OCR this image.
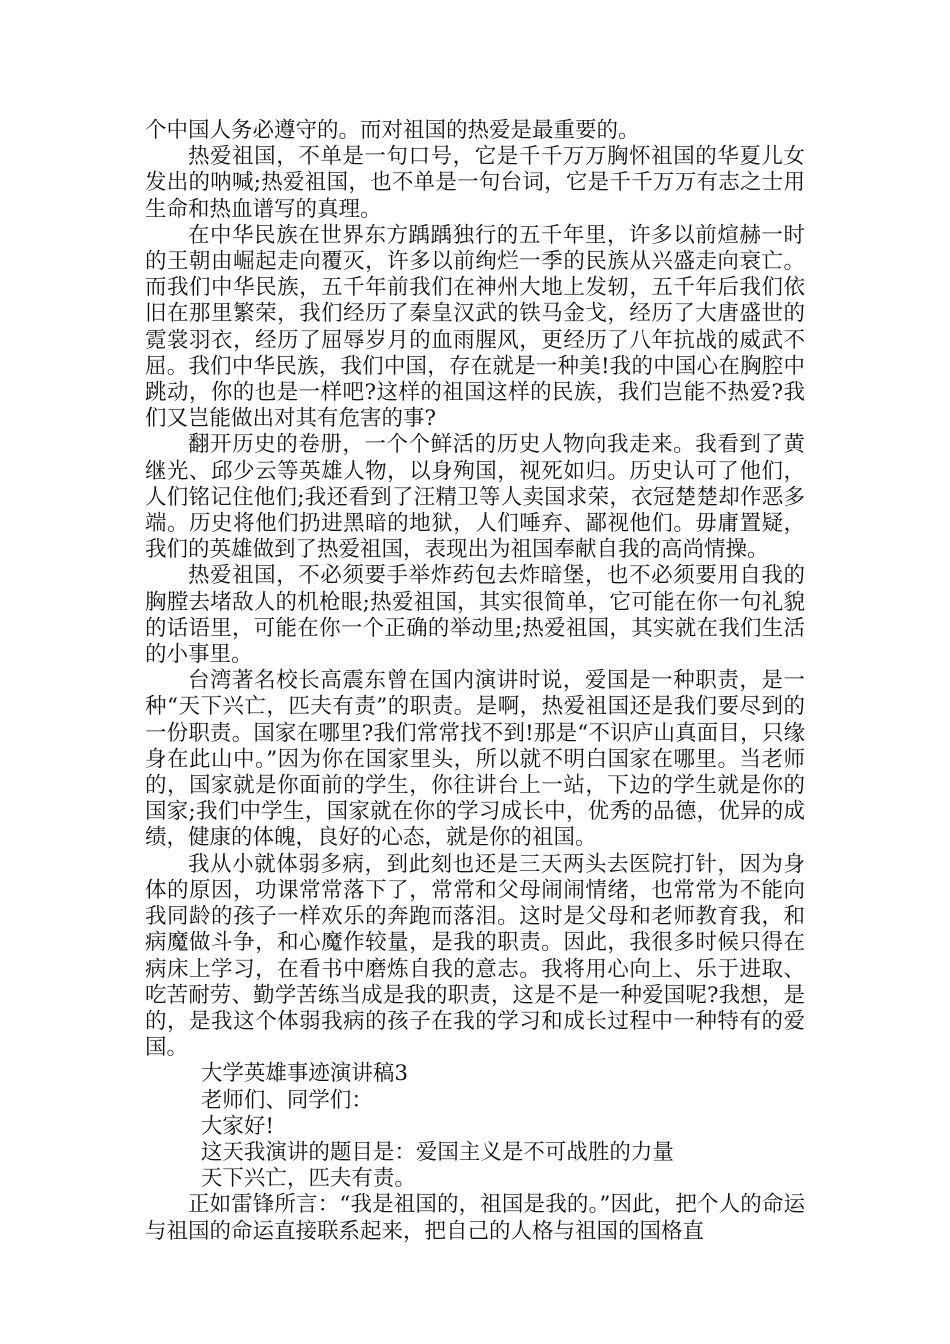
个中国人务必遵守的。而对祖国的热爱是最重要的。

热爱祖国，不单是一句口号，它是千千万万胸怀祖国的华夏儿女发出的呐喊;热爱祖国，也不单是一句台词，它是千千万万有志之士用生命和热血谱写的真理。

在中华民族在世界东方踽踽独行的五千年里，许多以前煊赫一时的王朝由崛起走向覆灭，许多以前绚烂一季的民族从兴盛走向衰亡。而我们中华民族，五千年前我们在神州大地上发轫，五千年后我们依旧在那里繁荣，我们经历了秦皇汉武的铁马金戈，经历了大唐盛世的霓裳羽衣，经历了屈辱岁月的血雨腥风，更经历了八年抗战的威武不屈。我们中华民族，我们中国，存在就是一种美!我的中国心在胸腔中跳动，你的也是一样吧?这样的祖国这样的民族，我们岂能不热爱?我们又岂能做出对其有危害的事?

翻开历史的卷册，一个个鲜活的历史人物向我走来。我看到了黄继光、邱少云等英雄人物，以身殉国，视死如归。历史认可了他们，人们铭记住他们;我还看到了汪精卫等人卖国求荣，衣冠楚楚却作恶多端。历史将他们扔进黑暗的地狱，人们唾弃、鄙视他们。毋庸置疑，我们的英雄做到了热爱祖国，表现出为祖国奉献自我的高尚情操。

热爱祖国，不必须要手举炸药包去炸暗堡，也不必须要用自我的胸膛去堵敌人的机枪眼;热爱祖国，其实很简单，它可能在你一句礼貌的话语里，可能在你一个正确的举动里;热爱祖国，其实就在我们生活的小事里。

台湾著名校长高震东曾在国内演讲时说，爱国是一种职责，是一种“天下兴亡，匹夫有责”的职责。是啊，热爱祖国还是我们要尽到的一份职责。国家在哪里?我们常常找不到!那是“不识庐山真面目，只缘身在此山中。”因为你在国家里头，所以就不明白国家在哪里。当老师的，国家就是你面前的学生，你往讲台上一站，下边的学生就是你的国家;我们中学生，国家就在你的学习成长中，优秀的品德，优异的成绩，健康的体魄，良好的心态，就是你的祖国。

我从小就体弱多病，到此刻也还是三天两头去医院打针，因为身体的原因，功课常常落下了，常常和父母闹闹情绪，也常常为不能向我同龄的孩子一样欢乐的奔跑而落泪。这时是父母和老师教育我，和病魔做斗争，和心魔作较量，是我的职责。因此，我很多时候只得在病床上学习，在看书中磨炼自我的意志。我将用心向上、乐于进取、吃苦耐劳、勤学苦练当成是我的职责，这是不是一种爱国呢?我想，是的，是我这个体弱我病的孩子在我的学习和成长过程中一种特有的爱国。

大学英雄事迹演讲稿3

老师们、同学们：

大家好!

这天我演讲的题目是：爱国主义是不可战胜的力量

天下兴亡，匹夫有责。

正如雷锋所言：“我是祖国的，祖国是我的。”因此，把个人的命运与祖国的命运直接联系起来，把自己的人格与祖国的国格直
